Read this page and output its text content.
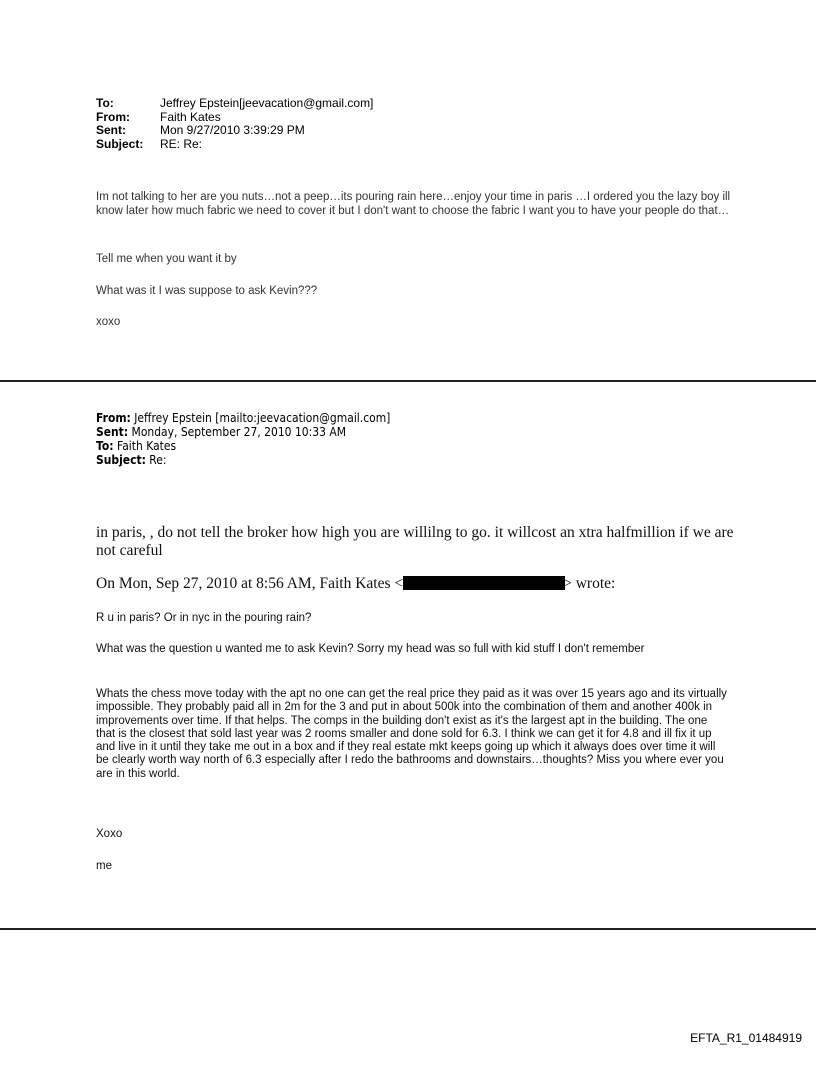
To:	Jeffrey Epstein[jeevacation@gmail.com]
From:	Faith Kates
Sent:	Mon 9/27/2010 3:39:29 PM
Subject:	RE: Re:

Im not talking to her are you nuts…not a peep…its pouring rain here…enjoy your time in paris …I ordered you the lazy boy ill know later how much fabric we need to cover it but I don't want to choose the fabric I want you to have your people do that…

Tell me when you want it by

What was it I was suppose to ask Kevin???

xoxo

From: Jeffrey Epstein [mailto:jeevacation@gmail.com]
Sent: Monday, September 27, 2010 10:33 AM
To: Faith Kates
Subject: Re:
in paris, , do not tell the broker how high you are willilng to go. it willcost an xtra halfmillion if we are not careful
On Mon, Sep 27, 2010 at 8:56 AM, Faith Kates <	> wrote:
R u in paris? Or in nyc in the pouring rain?
What was the question u wanted me to ask Kevin? Sorry my head was so full with kid stuff I don't remember
Whats the chess move today with the apt no one can get the real price they paid as it was over 15 years ago and its virtually impossible. They probably paid all in 2m for the 3 and put in about 500k into the combination of them and another 400k in improvements over time. If that helps. The comps in the building don't exist as it's the largest apt in the building. The one that is the closest that sold last year was 2 rooms smaller and done sold for 6.3. I think we can get it for 4.8 and ill fix it up and live in it until they take me out in a box and if they real estate mkt keeps going up which it always does over time it will be clearly worth way north of 6.3 especially after I redo the bathrooms and downstairs…thoughts? Miss you where ever you are in this world.
Xoxo
me
EFTA_R1_01484919
